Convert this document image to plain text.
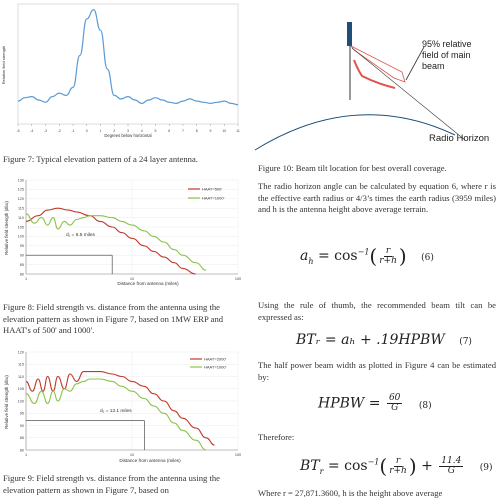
-5	-4	-3	-2	-1	0	1	2	3	4	5	6	7	8	9	10	11
Relative field strength
Degrees below horizontal
Figure 7: Typical elevation pattern of a 24 layer antenna.
80
85
90
95
100
105
110
115
120
125
130
1	10	100
Relative field strength (dbu)
Distance from antenna (miles)
HAAT=500'
HAAT=1000'
d₁ = 6.5 miles
Figure 8: Field strength vs. distance from the antenna using the elevation pattern as shown in Figure 7, based on 1MW ERP and HAAT's of 500' and 1000'.
80
85
90
95
100
105
110
115
120
1	10	100
Relative field strength (dbu)
Distance from antenna (miles)
HAAT=2000'
HAAT=1000'
d₁ = 13.1 miles
Figure 9: Field strength vs. distance from the antenna using the elevation pattern as shown in Figure 7, based on
95% relative
field of main
beam
Radio Horizon
Figure 10: Beam tilt location for best overall coverage.
The radio horizon angle can be calculated by equation 6, where r is the effective earth radius or 4/3’s times the earth radius (3959 miles) and h is the antenna height above average terrain.
$a_h = \cos^{-1}( \frac{r}{r+h}$ ) (6)
Using the rule of thumb, the recommended beam tilt can be expressed as:
BTᵣ = aₕ + .19HPBW (7)
The half power beam width as plotted in Figure 4 can be estimated by:
HPBW = $\frac{60}{G} (8)$
Therefore:
$BT_r = \cos^{-1}( \frac{r}{r+h}$ ) + $\frac{11.4}{G} (9)$
Where r = 27,871.3600, h is the height above average
